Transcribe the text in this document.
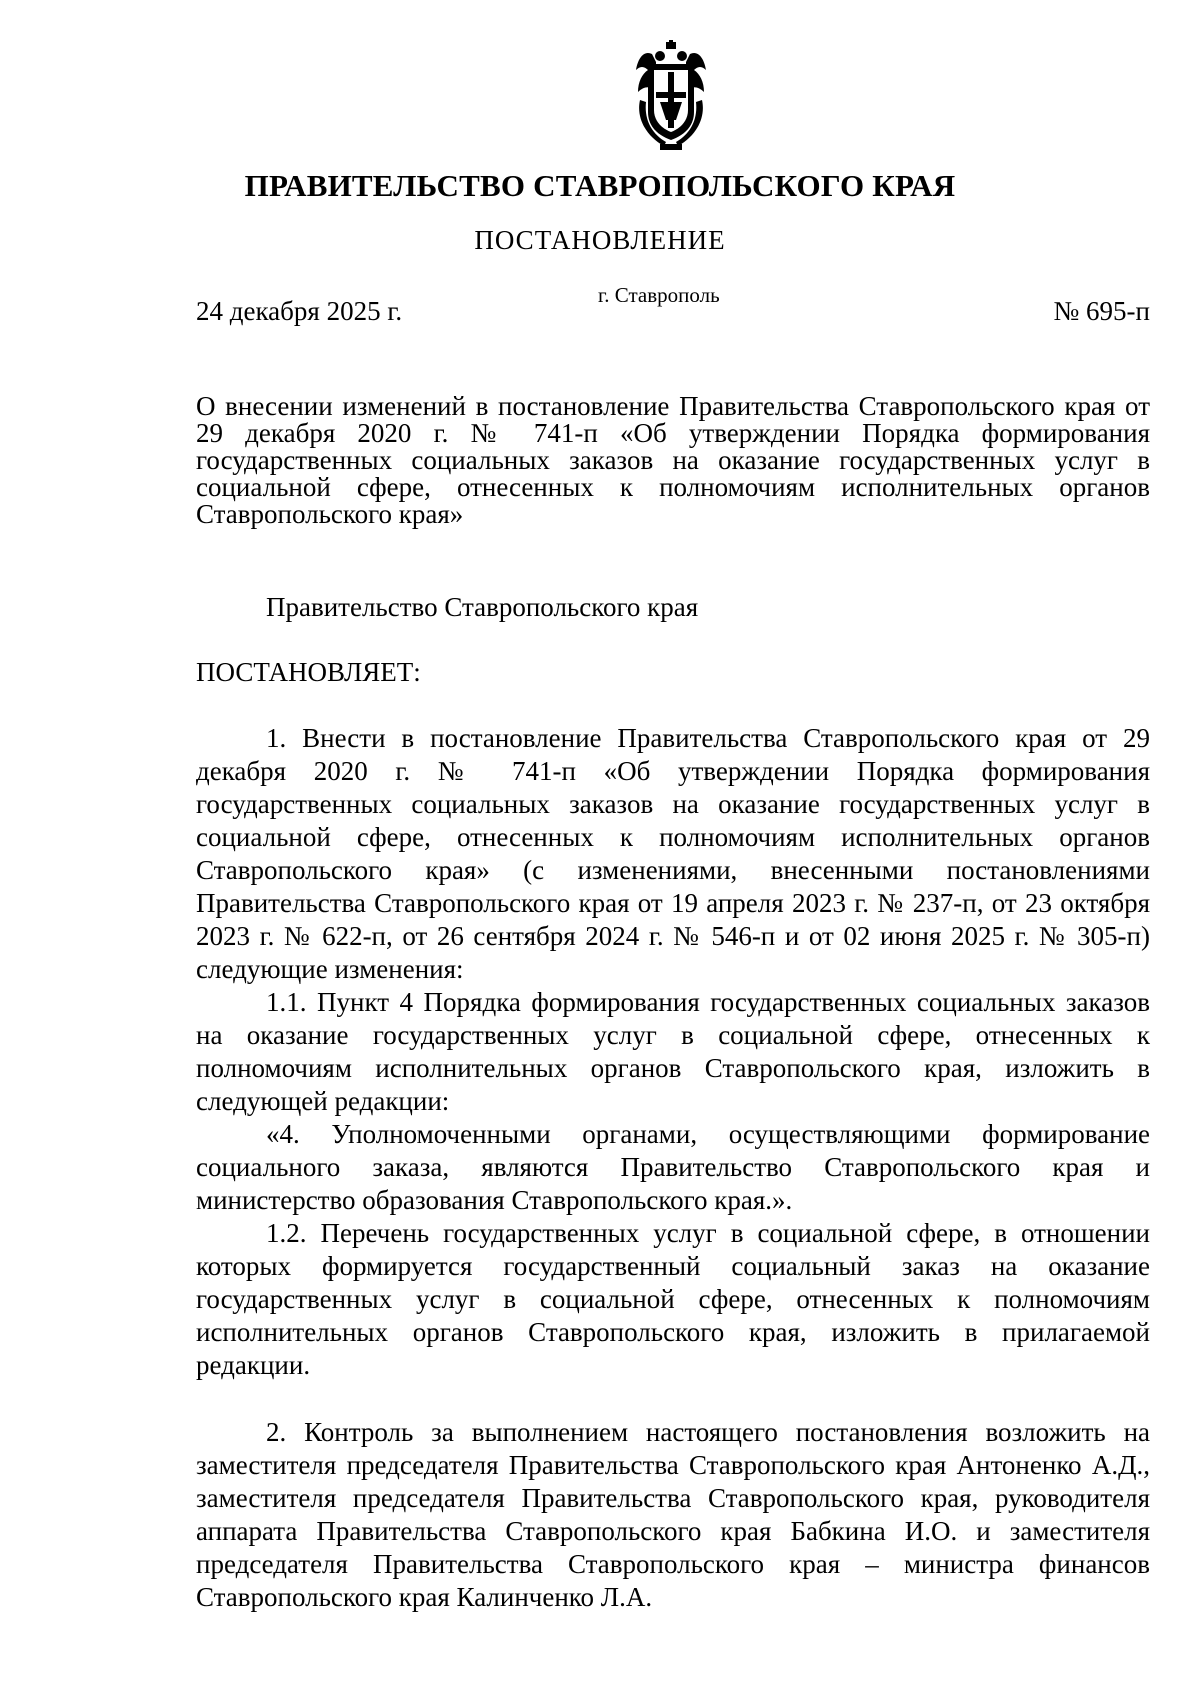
ПРАВИТЕЛЬСТВО СТАВРОПОЛЬСКОГО КРАЯ
ПОСТАНОВЛЕНИЕ
24 декабря 2025 г.
г. Ставрополь
№ 695-п
О внесении изменений в постановление Правительства Ставропольского края от 29 декабря 2020 г. № 741-п «Об утверждении Порядка формирования государственных социальных заказов на оказание государственных услуг в социальной сфере, отнесенных к полномочиям исполнительных органов Ставропольского края»
Правительство Ставропольского края
ПОСТАНОВЛЯЕТ:

1. Внести в постановление Правительства Ставропольского края от 29 декабря 2020 г. № 741-п «Об утверждении Порядка формирования государственных социальных заказов на оказание государственных услуг в социальной сфере, отнесенных к полномочиям исполнительных органов Ставропольского края» (с изменениями, внесенными постановлениями Правительства Ставропольского края от 19 апреля 2023 г. № 237-п, от 23 октября 2023 г. № 622-п, от 26 сентября 2024 г. № 546-п и от 02 июня 2025 г. № 305-п) следующие изменения:

1.1. Пункт 4 Порядка формирования государственных социальных заказов на оказание государственных услуг в социальной сфере, отнесенных к полномочиям исполнительных органов Ставропольского края, изложить в следующей редакции:

«4. Уполномоченными органами, осуществляющими формирование социального заказа, являются Правительство Ставропольского края и министерство образования Ставропольского края.».

1.2. Перечень государственных услуг в социальной сфере, в отношении которых формируется государственный социальный заказ на оказание государственных услуг в социальной сфере, отнесенных к полномочиям исполнительных органов Ставропольского края, изложить в прилагаемой редакции.

2. Контроль за выполнением настоящего постановления возложить на заместителя председателя Правительства Ставропольского края Антоненко А.Д., заместителя председателя Правительства Ставропольского края, руководителя аппарата Правительства Ставропольского края Бабкина И.О. и заместителя председателя Правительства Ставропольского края – министра финансов Ставропольского края Калинченко Л.А.
